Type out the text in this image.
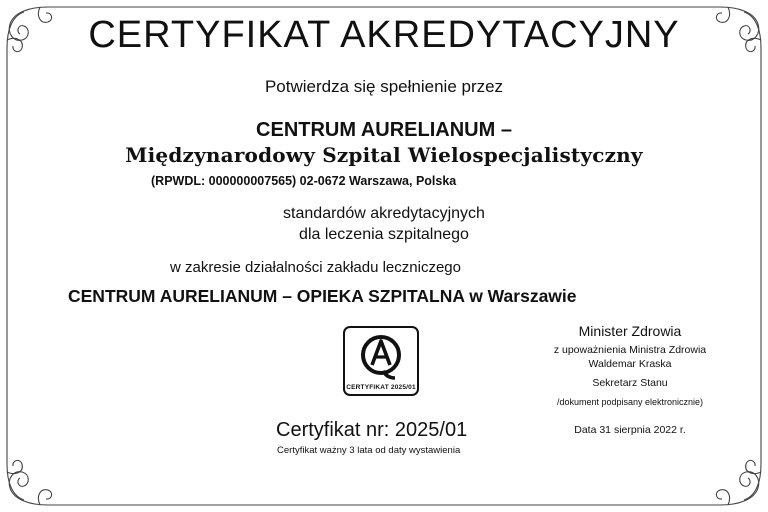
CERTYFIKAT AKREDYTACYJNY
Potwierdza się spełnienie przez
CENTRUM AURELIANUM –
Międzynarodowy Szpital Wielospecjalistyczny
(RPWDL: 000000007565) 02-0672 Warszawa, Polska
standardów akredytacyjnych
dla leczenia szpitalnego
w zakresie działalności zakładu leczniczego
CENTRUM AURELIANUM – OPIEKA SZPITALNA w Warszawie
CERTYFIKAT 2025/01
Minister Zdrowia
z upoważnienia Ministra Zdrowia
Waldemar Kraska
Sekretarz Stanu
/dokument podpisany elektronicznie)
Data 31 sierpnia 2022 r.
Certyfikat nr: 2025/01
Certyfikat ważny 3 lata od daty wystawienia
